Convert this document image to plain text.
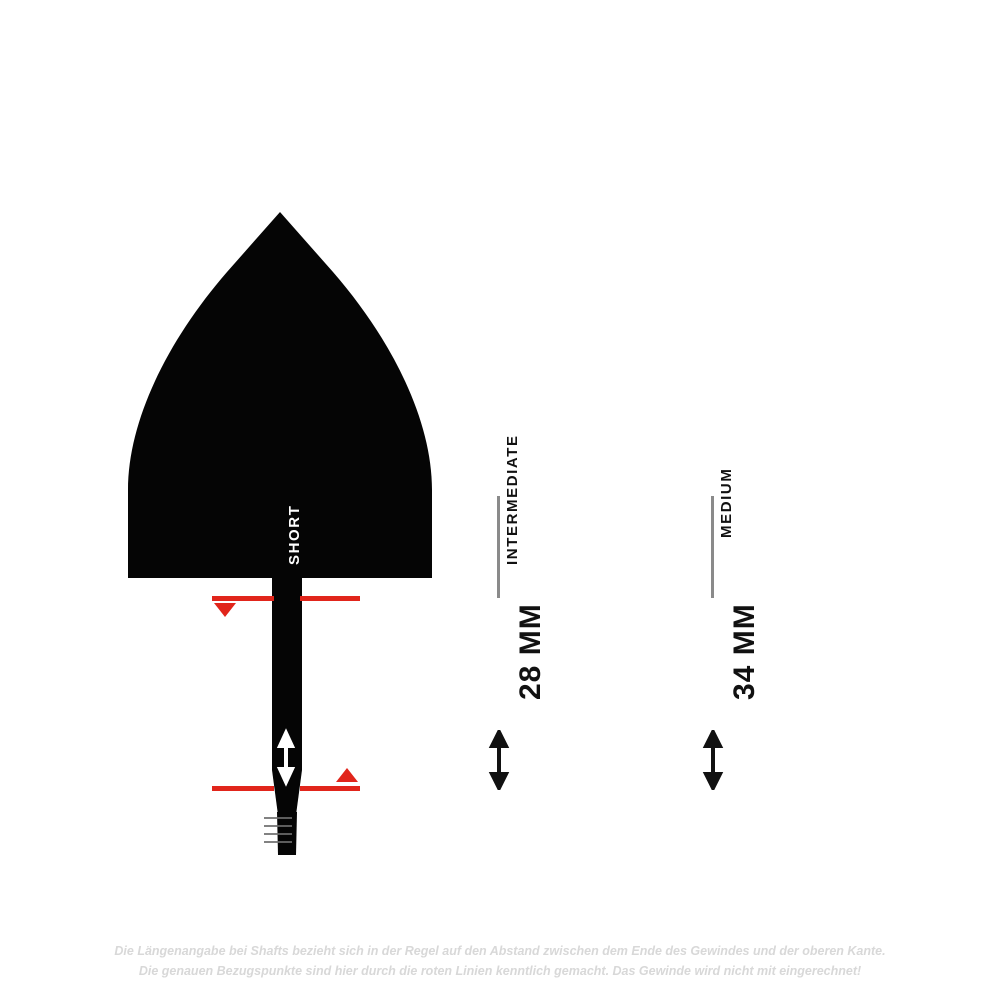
SHORT
22 MM
INTERMEDIATE
28 MM
MEDIUM
34 MM
Die Längenangabe bei Shafts bezieht sich in der Regel auf den Abstand zwischen dem Ende des Gewindes und der oberen Kante.
Die genauen Bezugspunkte sind hier durch die roten Linien kenntlich gemacht. Das Gewinde wird nicht mit eingerechnet!
